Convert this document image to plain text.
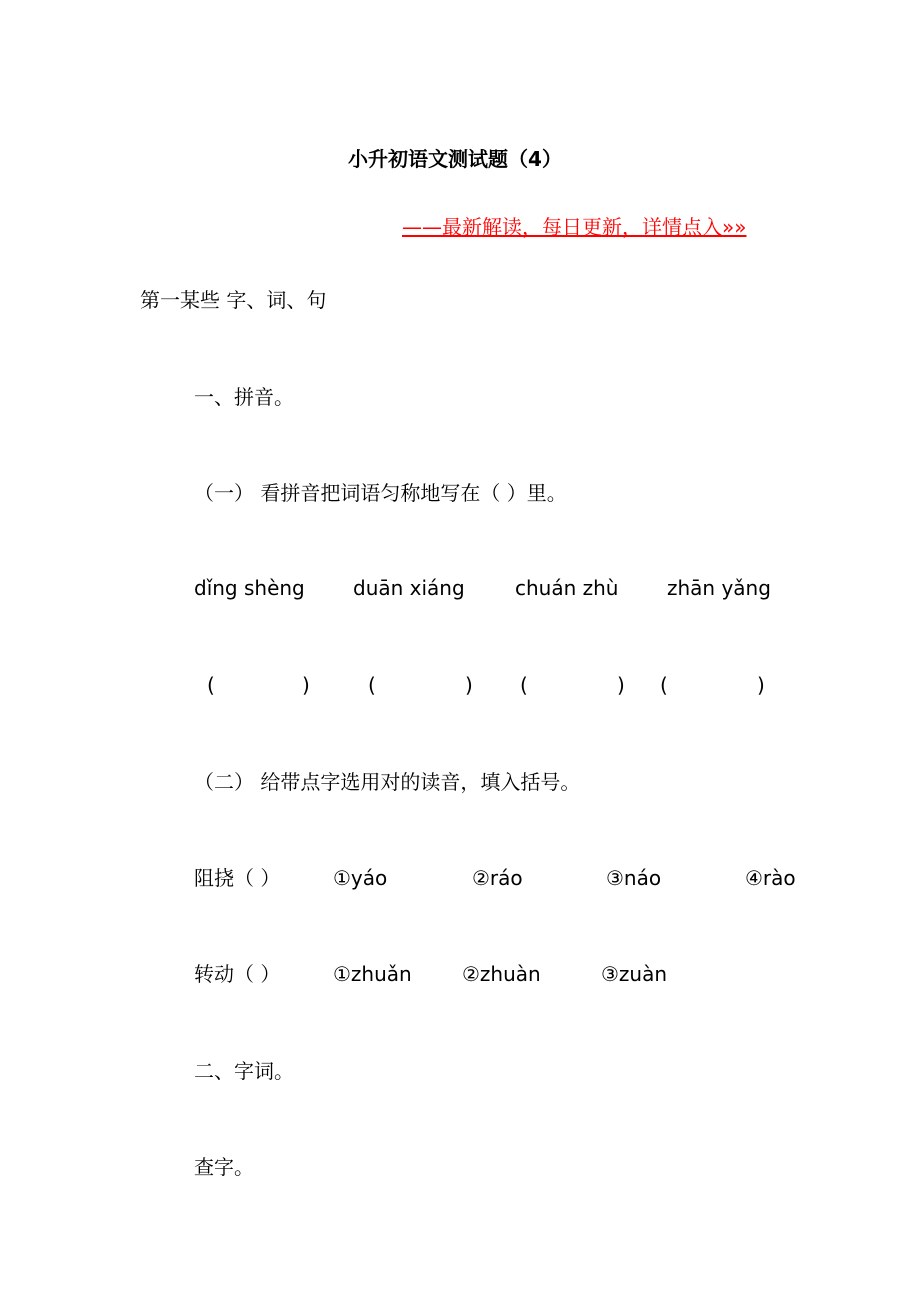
小升初语文测试题（4）
——最新解读，每日更新，详情点入»»
第一某些 字、词、句
一、拼音。
（一） 看拼音把词语匀称地写在（ ）里。
dǐng shèng duān xiáng	chuán zhù zhān yǎng
(	)	(	) (	) (	)
（二） 给带点字选用对的读音，填入括号。
阻挠（ ）	①yáo	②ráo	③náo	④rào
转动（ ）	①zhuǎn	②zhuàn	③zuàn
二、字词。
查字。
